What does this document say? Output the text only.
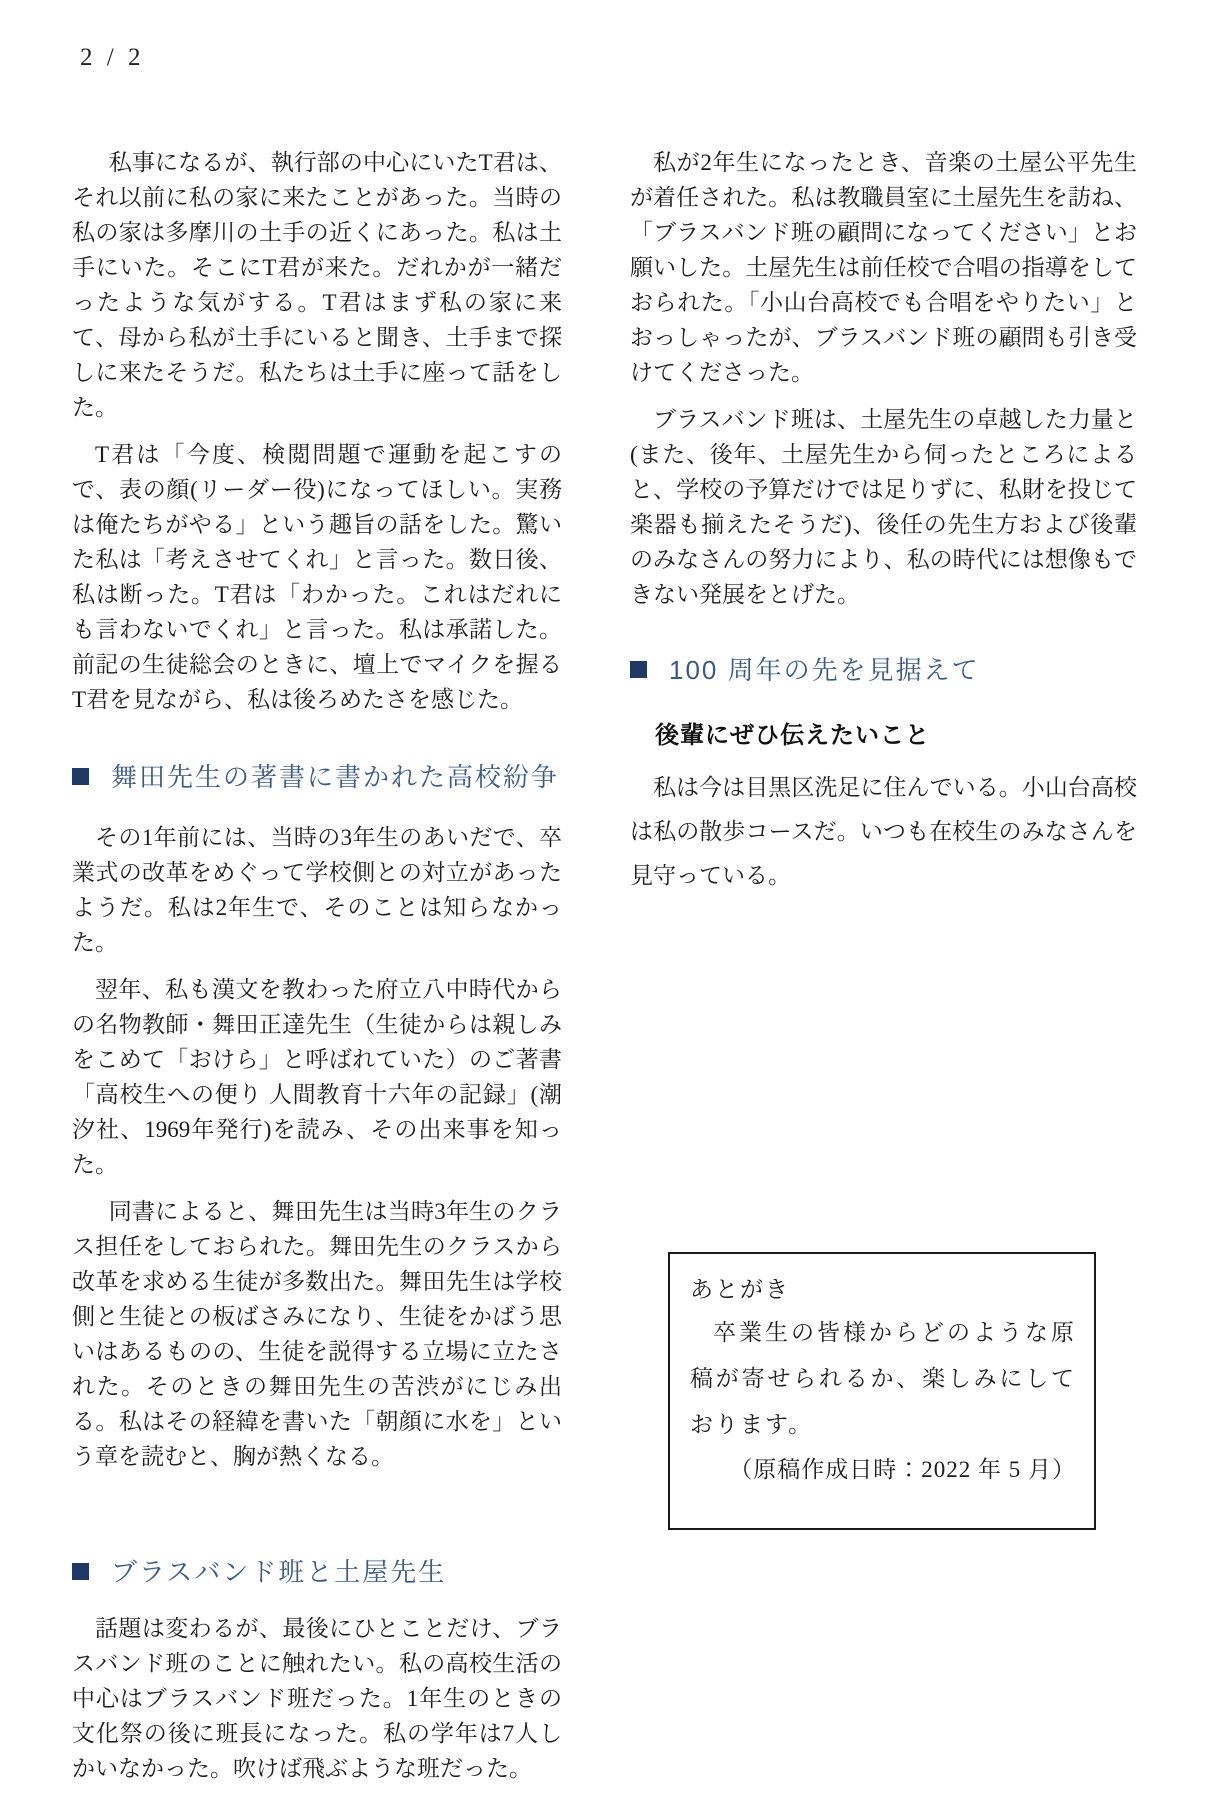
2 / 2

私事になるが、執行部の中心にいたT君は、それ以前に私の家に来たことがあった。当時の私の家は多摩川の土手の近くにあった。私は土手にいた。そこにT君が来た。だれかが一緒だったような気がする。T君はまず私の家に来て、母から私が土手にいると聞き、土手まで探しに来たそうだ。私たちは土手に座って話をした。

T君は「今度、検閲問題で運動を起こすので、表の顔(リーダー役)になってほしい。実務は俺たちがやる」という趣旨の話をした。驚いた私は「考えさせてくれ」と言った。数日後、私は断った。T君は「わかった。これはだれにも言わないでくれ」と言った。私は承諾した。前記の生徒総会のときに、壇上でマイクを握るT君を見ながら、私は後ろめたさを感じた。

舞田先生の著書に書かれた高校紛争

その1年前には、当時の3年生のあいだで、卒業式の改革をめぐって学校側との対立があったようだ。私は2年生で、そのことは知らなかった。

翌年、私も漢文を教わった府立八中時代からの名物教師・舞田正達先生（生徒からは親しみをこめて「おけら」と呼ばれていた）のご著書「高校生への便り 人間教育十六年の記録」(潮汐社、1969年発行)を読み、その出来事を知った。

同書によると、舞田先生は当時3年生のクラス担任をしておられた。舞田先生のクラスから改革を求める生徒が多数出た。舞田先生は学校側と生徒との板ばさみになり、生徒をかばう思いはあるものの、生徒を説得する立場に立たされた。そのときの舞田先生の苦渋がにじみ出る。私はその経緯を書いた「朝顔に水を」という章を読むと、胸が熱くなる。

ブラスバンド班と土屋先生

話題は変わるが、最後にひとことだけ、ブラスバンド班のことに触れたい。私の高校生活の中心はブラスバンド班だった。1年生のときの文化祭の後に班長になった。私の学年は7人しかいなかった。吹けば飛ぶような班だった。

私が2年生になったとき、音楽の土屋公平先生が着任された。私は教職員室に土屋先生を訪ね、「ブラスバンド班の顧問になってください」とお願いした。土屋先生は前任校で合唱の指導をしておられた。「小山台高校でも合唱をやりたい」とおっしゃったが、ブラスバンド班の顧問も引き受けてくださった。

ブラスバンド班は、土屋先生の卓越した力量と(また、後年、土屋先生から伺ったところによると、学校の予算だけでは足りずに、私財を投じて楽器も揃えたそうだ)、後任の先生方および後輩のみなさんの努力により、私の時代には想像もできない発展をとげた。

100 周年の先を見据えて
後輩にぜひ伝えたいこと

私は今は目黒区洗足に住んでいる。小山台高校は私の散歩コースだ。いつも在校生のみなさんを見守っている。

あとがき

卒業生の皆様からどのような原稿が寄せられるか、楽しみにしております。

（原稿作成日時：2022 年 5 月）
